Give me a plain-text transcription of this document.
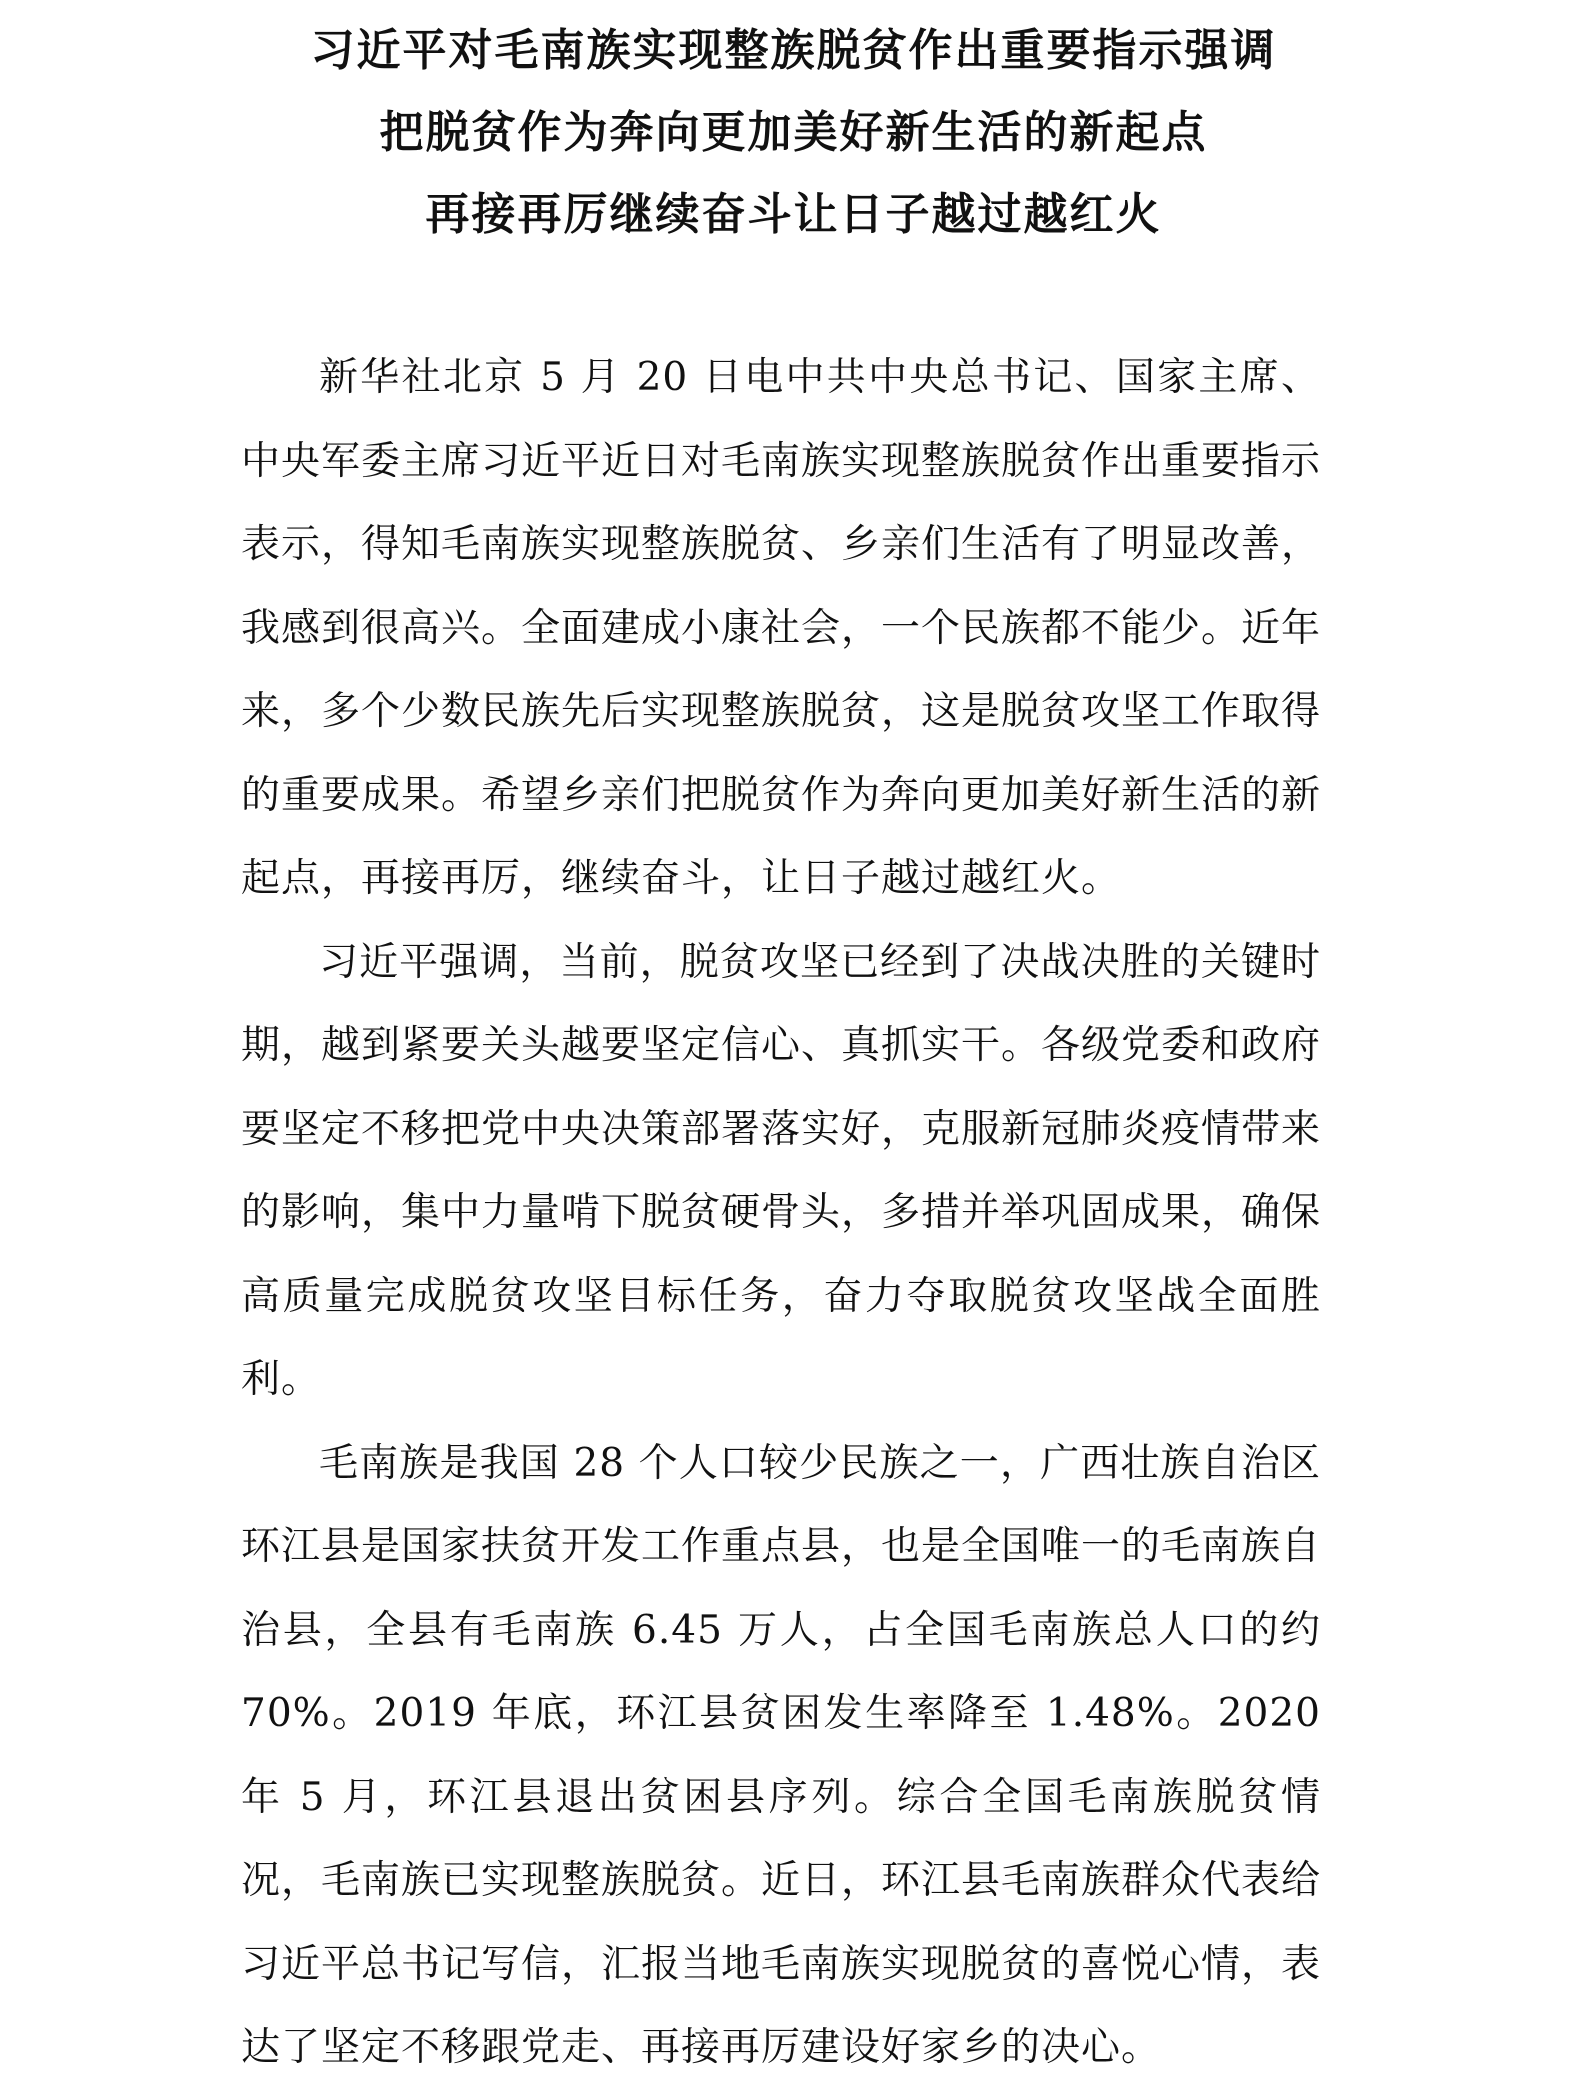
习近平对毛南族实现整族脱贫作出重要指示强调
把脱贫作为奔向更加美好新生活的新起点
再接再厉继续奋斗让日子越过越红火

新华社北京 5 月 20 日电中共中央总书记、国家主席、中央军委主席习近平近日对毛南族实现整族脱贫作出重要指示表示，得知毛南族实现整族脱贫、乡亲们生活有了明显改善，我感到很高兴。全面建成小康社会，一个民族都不能少。近年来，多个少数民族先后实现整族脱贫，这是脱贫攻坚工作取得的重要成果。希望乡亲们把脱贫作为奔向更加美好新生活的新起点，再接再厉，继续奋斗，让日子越过越红火。

习近平强调，当前，脱贫攻坚已经到了决战决胜的关键时期，越到紧要关头越要坚定信心、真抓实干。各级党委和政府要坚定不移把党中央决策部署落实好，克服新冠肺炎疫情带来的影响，集中力量啃下脱贫硬骨头，多措并举巩固成果，确保高质量完成脱贫攻坚目标任务，奋力夺取脱贫攻坚战全面胜利。

毛南族是我国 28 个人口较少民族之一，广西壮族自治区环江县是国家扶贫开发工作重点县，也是全国唯一的毛南族自治县，全县有毛南族 6.45 万人，占全国毛南族总人口的约 70%。2019 年底，环江县贫困发生率降至 1.48%。2020 年 5 月，环江县退出贫困县序列。综合全国毛南族脱贫情况，毛南族已实现整族脱贫。近日，环江县毛南族群众代表给习近平总书记写信，汇报当地毛南族实现脱贫的喜悦心情，表达了坚定不移跟党走、再接再厉建设好家乡的决心。
